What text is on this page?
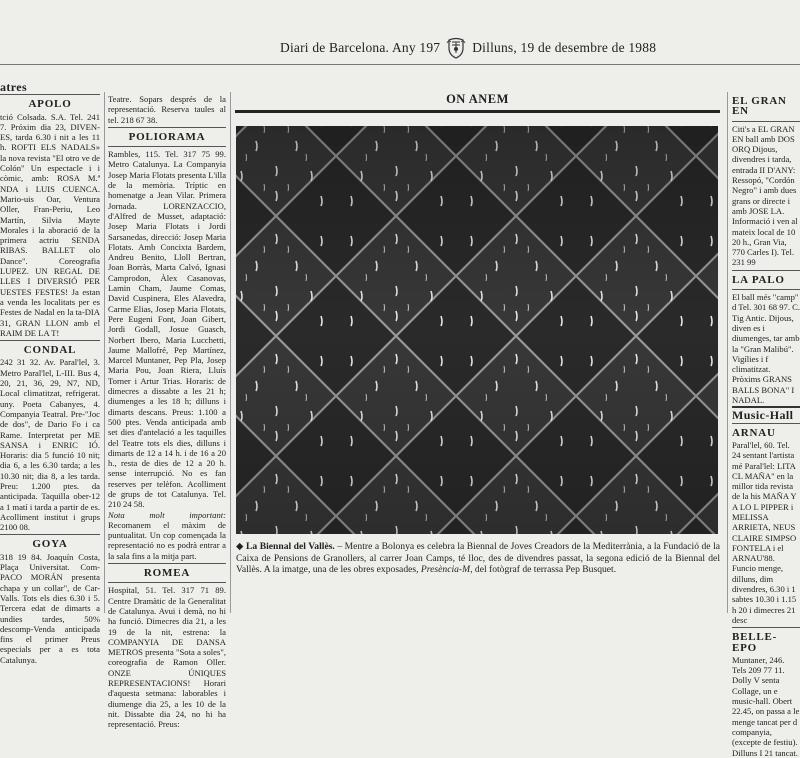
Diari de Barcelona. Any 197 Dilluns, 19 de desembre de 1988
atres
APOLO

tció Colsada. S.A. Tel. 241 7. Próxim dia 23, DIVEN-ES, tarda 6.30 i nit a les 11 h. ROFTI ELS NADALS» la nova revista "El otro ve de Colón" Un espectacle i i còmic, amb: ROSA M.ª NDA i LUIS CUENCA. Mario-uis Oar, Ventura Oller, Fran-Periu, Leo Martín, Silvia Mayte Morales i la aboració de la primera actriu SENDA RIBAS. BALLET olo Dance". Coreografia LUPEZ. UN REGAL DE LLES I DIVERSIÓ PER UESTES FESTES! Ja estan a venda les localitats per es Festes de Nadal en la ta-DIA 31, GRAN LLON amb el RAIM DE LA T!

CONDAL

242 31 32. Av. Paral'lel, 3. Metro Paral'lel, L-III. Bus 4, 20, 21, 36, 29, N7, ND, Local climatitzat, refrigerat. uny. Poeta Cabanyes, 4. Companyia Teatral. Pre-"Joc de dos", de Dario Fo i ca Rame. Interpretat per ME SANSA i ENRIC IÓ. Horaris: dia 5 funció 10 nit; dia 6, a les 6.30 tarda; a les 10.30 nit; dia 8, a les tarda. Preu: 1.200 ptes. da anticipada. Taquilla ober-12 a 1 matí i tarda a partir de es. Acolliment institut i grups 2100 08.

GOYA

318 19 84. Joaquín Costa, Plaça Universitat. Com-PACO MORÁN presenta chapa y un collar", de Car-Valls. Tots els dies 6.30 i 5. Tercera edat de dimarts a undies tardes, 50% descomp-Venda anticipada fins el primer Preus especials per a es tota Catalunya.

Teatre. Sopars després de la representació. Reserva taules al tel. 218 67 38.

POLIORAMA

Rambles, 115. Tel. 317 75 99. Metro Catalunya. La Companyia Josep Maria Flotats presenta L'illa de la memòria. Tríptic en homenatge a Jean Vilar. Primera Jornada. LORENZACCIO, d'Alfred de Musset, adaptació: Josep Maria Flotats i Jordi Sarsanedas, direcció: Josep Maria Flotats. Amb Concixta Bardem, Andreu Benito, Lloll Bertran, Joan Borràs, Marta Calvó, Ignasi Camprodon, Àlex Casanovas, Lamin Cham, Jaume Comas, David Cuspinera, Eles Alavedra, Carme Elias, Josep Maria Flotats, Pere Eugeni Font, Joan Gibert, Jordi Godall, Josue Guasch, Norbert Ibero, Maria Lucchetti, Jaume Mallofré, Pep Martínez, Marcel Muntaner, Pep Pla, Josep Maria Pou, Joan Riera, Lluís Torner i Artur Trias. Horaris: de dimecres a dissabte a les 21 h; diumenges a les 18 h; dilluns i dimarts descans. Preus: 1.100 a 500 ptes. Venda anticipada amb set dies d'antelació a les taquilles del Teatre tots els dies, dilluns i dimarts de 12 a 14 h. i de 16 a 20 h., resta de dies de 12 a 20 h. sense interrupció. No es fan reserves per telèfon. Acolliment de grups de tot Catalunya. Tel. 210 24 58.

Nota molt important: Recomanem el màxim de puntualitat. Un cop començada la representació no es podrà entrar a la sala fins a la mitja part.

ROMEA

Hospital, 51. Tel. 317 71 89. Centre Dramàtic de la Generalitat de Catalunya. Avui i demà, no hi ha funció. Dimecres dia 21, a les 19 de la nit, estrena: la COMPANYIA DE DANSA METROS presenta "Sota a soles", coreografia de Ramon Oller. ONZE ÚNIQUES REPRESENTACIONS! Horari d'aquesta setmana: laborables i diumenge dia 25, a les 10 de la nit. Dissabte dia 24, no hi ha representació. Preus:

ON ANEM
◆ La Biennal del Vallès. – Mentre a Bolonya es celebra la Biennal de Joves Creadors de la Mediterrània, a la Fundació de la Caixa de Pensions de Granollers, al carrer Joan Camps, té lloc, des de divendres passat, la segona edició de la Biennal del Vallès. A la imatge, una de les obres exposades, Presència-M, del fotògraf de terrassa Pep Busquet.
EL GRAN EN

Citi's a EL GRAN EN ball amb DOS ORQ Dijous, divendres i tarda, entrada II D'ANY: Ressopó, "Cordón Negro" i amb dues grans or directe i amb JOSE LA. Informació i ven al mateix local de 10 20 h., Gran Via, 770 Carles I). Tel. 231 99

LA PALO

El ball més "camp" d Tel. 301 68 97. C. Tig Antic. Dijous, diven es i diumenges, tar amb la "Gran Malibú". Vigílies i f climatitzat. Pròxims GRANS BALLS BONA" I NADAL.

Music-Hall
ARNAU

Paral'lel, 60. Tel. 24 sentant l'artista mé Paral'lel: LITA CL MAÑA" en la millor tida revista de la his MAÑA Y A LO L PIPPER i MELISSA ARRIETA, NEUS CLAIRE SIMPSO FONTELA i el ARNAU'88. Funcio menge, dilluns, dim divendres, 6.30 i 1 sabtes 10.30 i 1.15 h 20 i dimecres 21 desc

BELLE-EPO

Muntaner, 246. Tels 209 77 11. Dolly V senta Collage, un e music-hall. Obert 22.45, on passa a le menge tancat per d companyia, (excepte de festiu). Dilluns I 21 tancat.
